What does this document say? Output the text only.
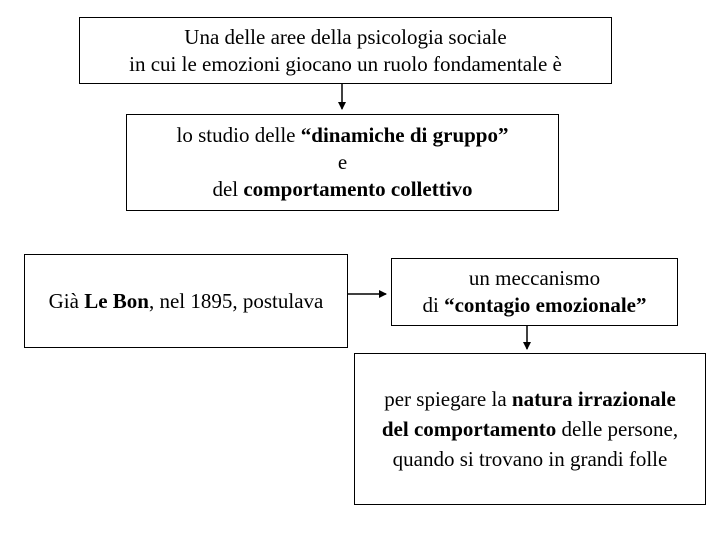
Una delle aree della psicologia sociale
in cui le emozioni giocano un ruolo fondamentale è
lo studio delle “dinamiche di gruppo”
e
del comportamento collettivo
Già Le Bon, nel 1895, postulava
un meccanismo
di “contagio emozionale”
per spiegare la natura irrazionale
del comportamento delle persone,
quando si trovano in grandi folle
